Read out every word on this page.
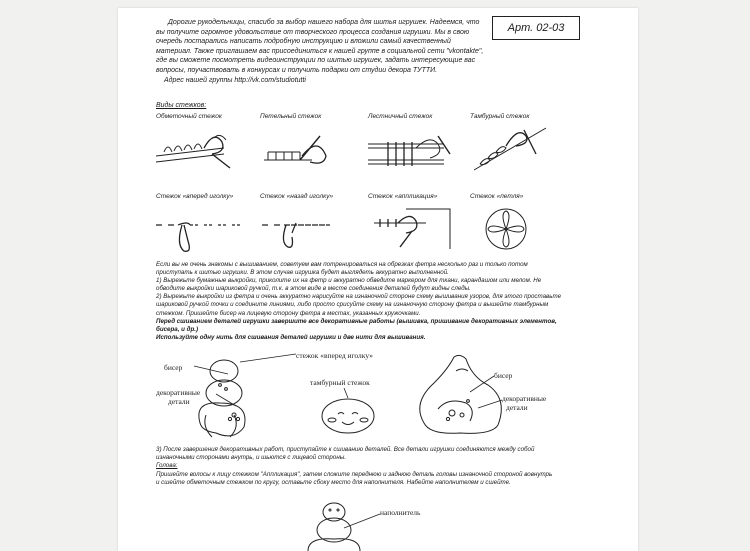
Дорогие рукодельницы, спасибо за выбор нашего набора для шитья игрушек. Надеемся, что вы получите огромное удовольствие от творческого процесса создания игрушки. Мы в свою очередь постарались написать подробную инструкцию и вложили самый качественный материал. Также приглашаем вас присоединиться к нашей группе в социальной сети "vkontakte", где вы сможете посмотреть видеоинструкции по шитью игрушек, задать интересующие вас вопросы, поучаствовать в конкурсах и получить подарки от студии декора ТУТТИ.

Адрес нашей группы http://vk.com/studiotutti

Арт. 02-03
Виды стежков:
Обметочный стежок	Петельный стежок	Лестничный стежок	Тамбурный стежок
Стежок «вперед иголку»	Стежок «назад иголку»	Стежок «аппликация»	Стежок «петля»

Если вы не очень знакомы с вышиванием, советуем вам потренироваться на обрезках фетра несколько раз и только потом приступать к шитью игрушки. В этом случае игрушка будет выглядеть аккуратно выполненной.

1) Вырежьте бумажные выкройки, приколите их на фетр и аккуратно обведите маркером для ткани, карандашом или мелом. Не обводите выкройки шариковой ручкой, т.к. в этом виде в месте соединения деталей будут видны следы.

2) Вырежьте выкройки из фетра и очень аккуратно нарисуйте на изнаночной стороне схему вышивания узоров, для этого проставьте шариковой ручкой точки и соедините линиями, либо просто срисуйте схему на изнаночную сторону фетра и вышейте тамбурным стежком. Пришейте бисер на лицевую сторону фетра в местах, указанных кружочками.

Перед сшиванием деталей игрушки завершите все декоративные работы (вышивка, пришивание декоративных элементов, бисера, и др.)

Используйте одну нить для сшивания деталей игрушки и две нити для вышивания.

стежок «вперед иголку»
бисер
декоративные
детали
тамбурный стежок
бисер
декоративные
детали

3) После завершения декоративных работ, приступайте к сшиванию деталей. Все детали игрушки соединяются между собой изнаночными сторонами внутрь, и шьются с лицевой стороны.

Голова:

Пришейте волосы к лицу стежком "Аппликация", затем сложите переднюю и заднюю деталь головы изнаночной стороной вовнутрь и сшейте обметочным стежком по кругу, оставьте сбоку место для наполнителя. Набейте наполнителем и сшейте.

наполнитель
